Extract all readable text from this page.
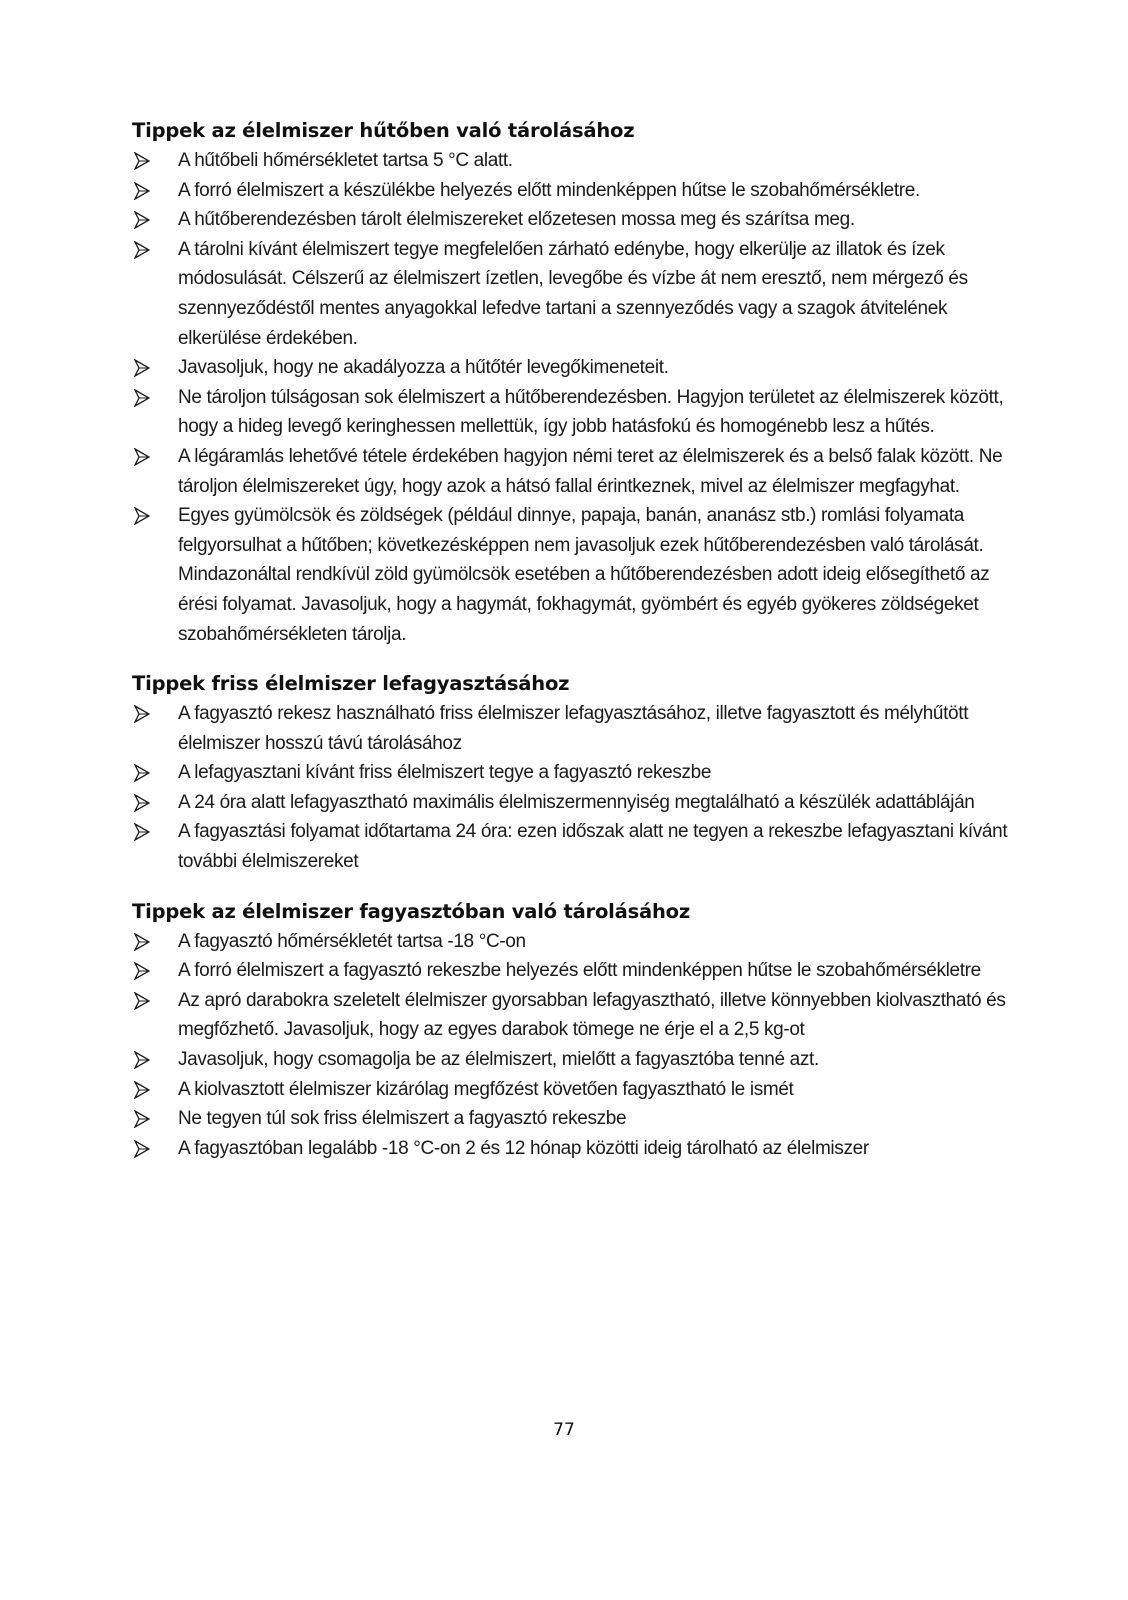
Tippek az élelmiszer hűtőben való tárolásához
A hűtőbeli hőmérsékletet tartsa 5 °C alatt.
A forró élelmiszert a készülékbe helyezés előtt mindenképpen hűtse le szobahőmérsékletre.
A hűtőberendezésben tárolt élelmiszereket előzetesen mossa meg és szárítsa meg.
A tárolni kívánt élelmiszert tegye megfelelően zárható edénybe, hogy elkerülje az illatok és ízek módosulását. Célszerű az élelmiszert ízetlen, levegőbe és vízbe át nem eresztő, nem mérgező és szennyeződéstől mentes anyagokkal lefedve tartani a szennyeződés vagy a szagok átvitelének elkerülése érdekében.
Javasoljuk, hogy ne akadályozza a hűtőtér levegőkimeneteit.
Ne tároljon túlságosan sok élelmiszert a hűtőberendezésben. Hagyjon területet az élelmiszerek között, hogy a hideg levegő keringhessen mellettük, így jobb hatásfokú és homogénebb lesz a hűtés.
A légáramlás lehetővé tétele érdekében hagyjon némi teret az élelmiszerek és a belső falak között. Ne tároljon élelmiszereket úgy, hogy azok a hátsó fallal érintkeznek, mivel az élelmiszer megfagyhat.
Egyes gyümölcsök és zöldségek (például dinnye, papaja, banán, ananász stb.) romlási folyamata felgyorsulhat a hűtőben; következésképpen nem javasoljuk ezek hűtőberendezésben való tárolását. Mindazonáltal rendkívül zöld gyümölcsök esetében a hűtőberendezésben adott ideig elősegíthető az érési folyamat. Javasoljuk, hogy a hagymát, fokhagymát, gyömbért és egyéb gyökeres zöldségeket szobahőmérsékleten tárolja.
Tippek friss élelmiszer lefagyasztásához
A fagyasztó rekesz használható friss élelmiszer lefagyasztásához, illetve fagyasztott és mélyhűtött élelmiszer hosszú távú tárolásához
A lefagyasztani kívánt friss élelmiszert tegye a fagyasztó rekeszbe
A 24 óra alatt lefagyasztható maximális élelmiszermennyiség megtalálható a készülék adattábláján
A fagyasztási folyamat időtartama 24 óra: ezen időszak alatt ne tegyen a rekeszbe lefagyasztani kívánt további élelmiszereket
Tippek az élelmiszer fagyasztóban való tárolásához
A fagyasztó hőmérsékletét tartsa -18 °C-on
A forró élelmiszert a fagyasztó rekeszbe helyezés előtt mindenképpen hűtse le szobahőmérsékletre
Az apró darabokra szeletelt élelmiszer gyorsabban lefagyasztható, illetve könnyebben kiolvasztható és megfőzhető. Javasoljuk, hogy az egyes darabok tömege ne érje el a 2,5 kg-ot
Javasoljuk, hogy csomagolja be az élelmiszert, mielőtt a fagyasztóba tenné azt.
A kiolvasztott élelmiszer kizárólag megfőzést követően fagyasztható le ismét
Ne tegyen túl sok friss élelmiszert a fagyasztó rekeszbe
A fagyasztóban legalább -18 °C-on 2 és 12 hónap közötti ideig tárolható az élelmiszer
77
